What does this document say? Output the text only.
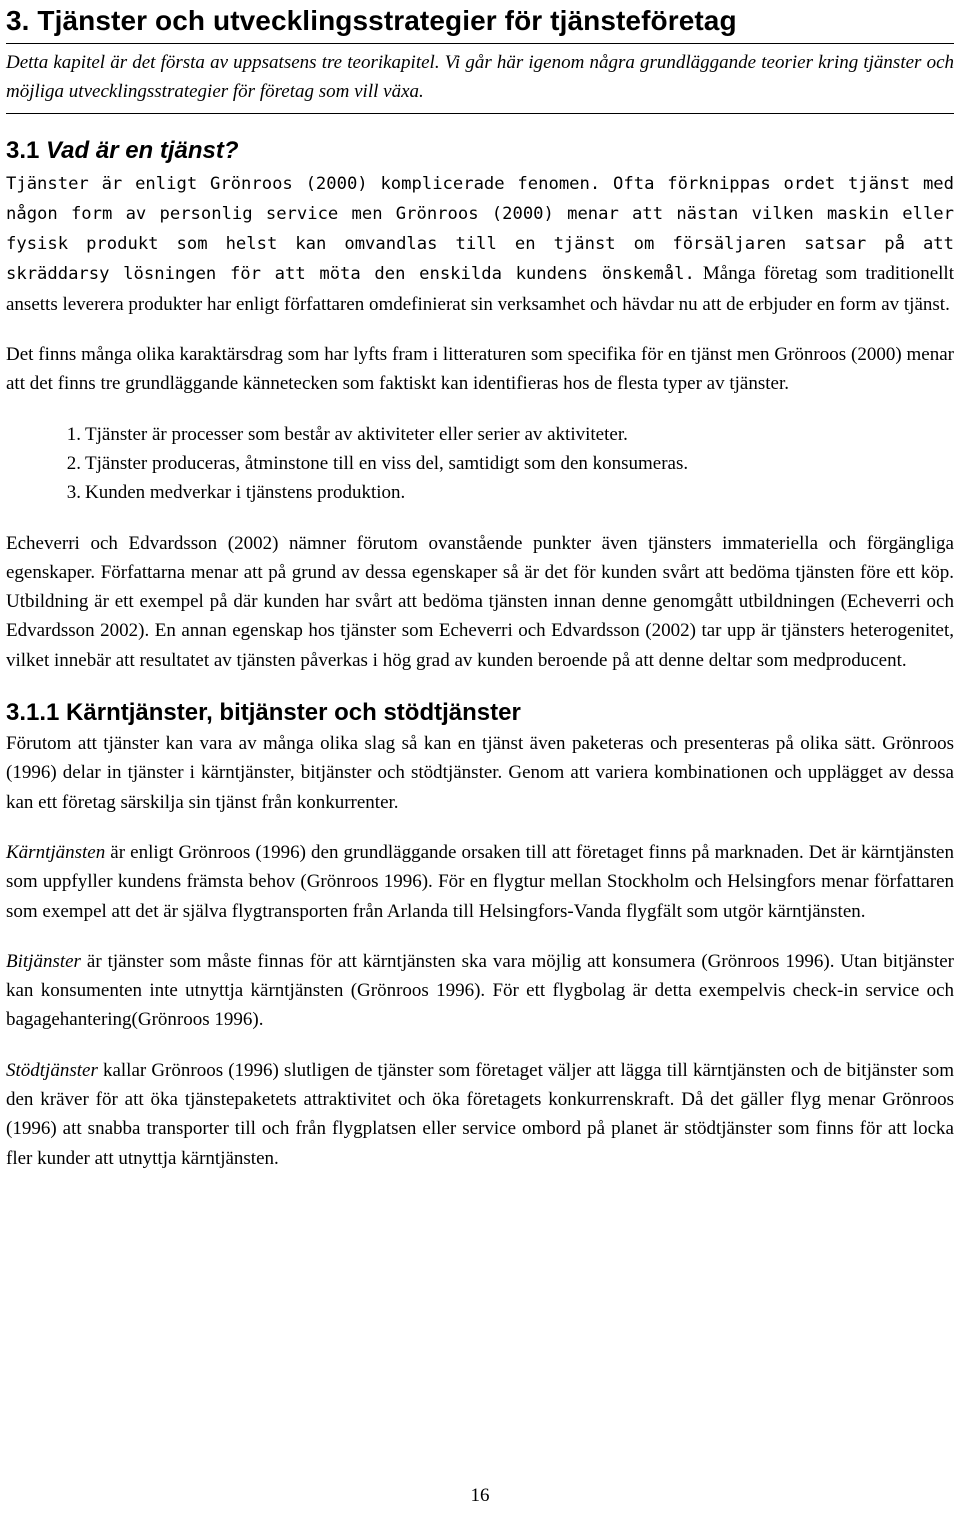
3. Tjänster och utvecklingsstrategier för tjänsteföretag

Detta kapitel är det första av uppsatsens tre teorikapitel. Vi går här igenom några grundläggande teorier kring tjänster och möjliga utvecklingsstrategier för företag som vill växa.

3.1 Vad är en tjänst?

Tjänster är enligt Grönroos (2000) komplicerade fenomen. Ofta förknippas ordet tjänst med någon form av personlig service men Grönroos (2000) menar att nästan vilken maskin eller fysisk produkt som helst kan omvandlas till en tjänst om försäljaren satsar på att skräddarsy lösningen för att möta den enskilda kundens önskemål. Många företag som traditionellt ansetts leverera produkter har enligt författaren omdefinierat sin verksamhet och hävdar nu att de erbjuder en form av tjänst.

Det finns många olika karaktärsdrag som har lyfts fram i litteraturen som specifika för en tjänst men Grönroos (2000) menar att det finns tre grundläggande kännetecken som faktiskt kan identifieras hos de flesta typer av tjänster.

1. Tjänster är processer som består av aktiviteter eller serier av aktiviteter.
2. Tjänster produceras, åtminstone till en viss del, samtidigt som den konsumeras.
3. Kunden medverkar i tjänstens produktion.

Echeverri och Edvardsson (2002) nämner förutom ovanstående punkter även tjänsters immateriella och förgängliga egenskaper. Författarna menar att på grund av dessa egenskaper så är det för kunden svårt att bedöma tjänsten före ett köp. Utbildning är ett exempel på där kunden har svårt att bedöma tjänsten innan denne genomgått utbildningen (Echeverri och Edvardsson 2002). En annan egenskap hos tjänster som Echeverri och Edvardsson (2002) tar upp är tjänsters heterogenitet, vilket innebär att resultatet av tjänsten påverkas i hög grad av kunden beroende på att denne deltar som medproducent.

3.1.1 Kärntjänster, bitjänster och stödtjänster

Förutom att tjänster kan vara av många olika slag så kan en tjänst även paketeras och presenteras på olika sätt. Grönroos (1996) delar in tjänster i kärntjänster, bitjänster och stödtjänster. Genom att variera kombinationen och upplägget av dessa kan ett företag särskilja sin tjänst från konkurrenter.

Kärntjänsten är enligt Grönroos (1996) den grundläggande orsaken till att företaget finns på marknaden. Det är kärntjänsten som uppfyller kundens främsta behov (Grönroos 1996). För en flygtur mellan Stockholm och Helsingfors menar författaren som exempel att det är själva flygtransporten från Arlanda till Helsingfors-Vanda flygfält som utgör kärntjänsten.

Bitjänster är tjänster som måste finnas för att kärntjänsten ska vara möjlig att konsumera (Grönroos 1996). Utan bitjänster kan konsumenten inte utnyttja kärntjänsten (Grönroos 1996). För ett flygbolag är detta exempelvis check-in service och bagagehantering(Grönroos 1996).

Stödtjänster kallar Grönroos (1996) slutligen de tjänster som företaget väljer att lägga till kärntjänsten och de bitjänster som den kräver för att öka tjänstepaketets attraktivitet och öka företagets konkurrenskraft. Då det gäller flyg menar Grönroos (1996) att snabba transporter till och från flygplatsen eller service ombord på planet är stödtjänster som finns för att locka fler kunder att utnyttja kärntjänsten.

16
